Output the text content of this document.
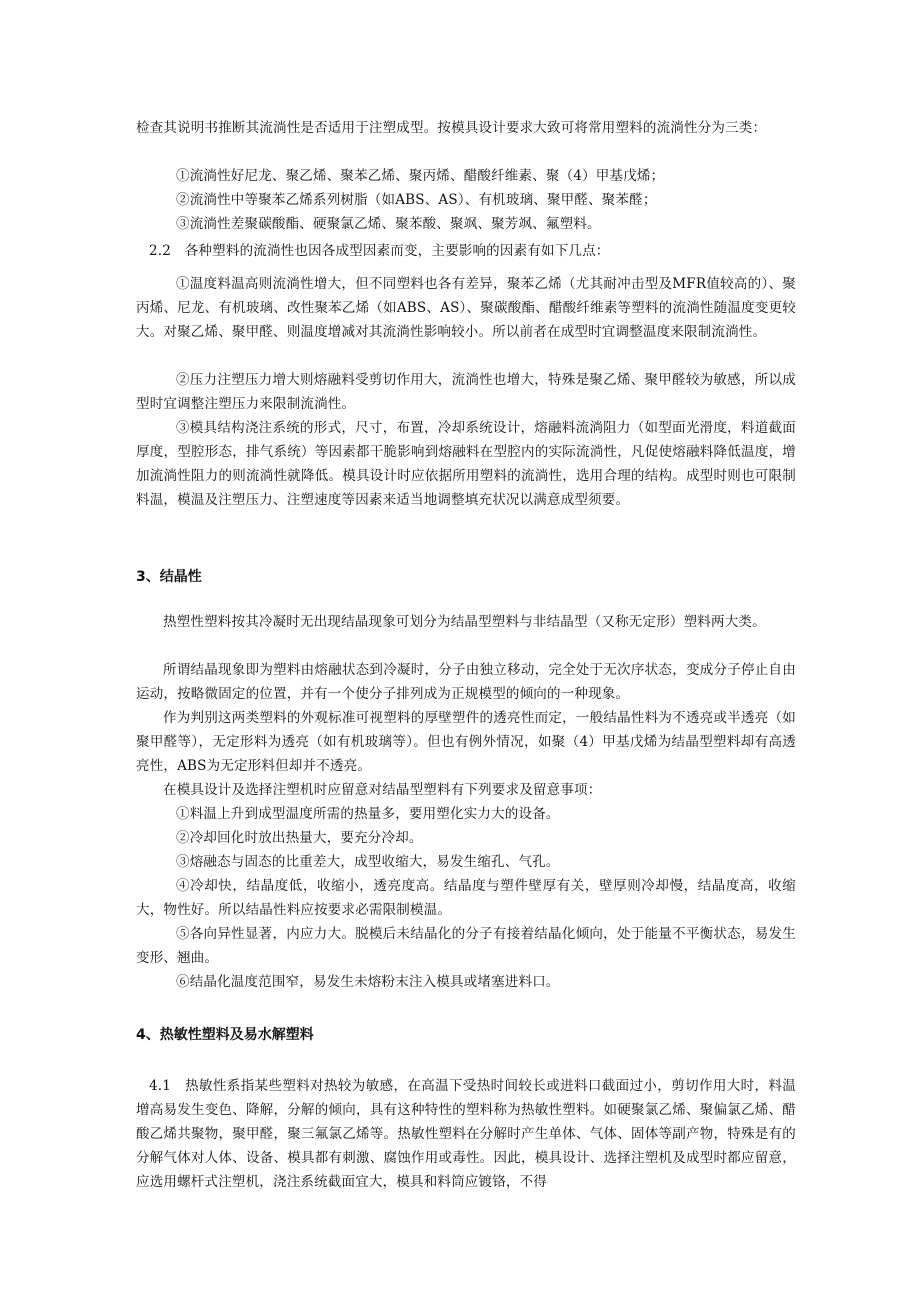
检查其说明书推断其流淌性是否适用于注塑成型。按模具设计要求大致可将常用塑料的流淌性分为三类：

①流淌性好尼龙、聚乙烯、聚苯乙烯、聚丙烯、醋酸纤维素、聚（4）甲基戊烯；

②流淌性中等聚苯乙烯系列树脂（如ABS、AS）、有机玻璃、聚甲醛、聚苯醛；

③流淌性差聚碳酸酯、硬聚氯乙烯、聚苯酸、聚飒、聚芳飒、氟塑料。

2.2　各种塑料的流淌性也因各成型因素而变，主要影响的因素有如下几点：

①温度料温高则流淌性增大，但不同塑料也各有差异，聚苯乙烯（尤其耐冲击型及MFR值较高的）、聚丙烯、尼龙、有机玻璃、改性聚苯乙烯（如ABS、AS）、聚碳酸酯、醋酸纤维素等塑料的流淌性随温度变更较大。对聚乙烯、聚甲醛、则温度增减对其流淌性影响较小。所以前者在成型时宜调整温度来限制流淌性。

②压力注塑压力增大则熔融料受剪切作用大，流淌性也增大，特殊是聚乙烯、聚甲醛较为敏感，所以成型时宜调整注塑压力来限制流淌性。

③模具结构浇注系统的形式，尺寸，布置，冷却系统设计，熔融料流淌阻力（如型面光滑度，料道截面厚度，型腔形态，排气系统）等因素都干脆影响到熔融料在型腔内的实际流淌性，凡促使熔融料降低温度，增加流淌性阻力的则流淌性就降低。模具设计时应依据所用塑料的流淌性，选用合理的结构。成型时则也可限制料温，模温及注塑压力、注塑速度等因素来适当地调整填充状况以满意成型须要。

3、结晶性

热塑性塑料按其冷凝时无出现结晶现象可划分为结晶型塑料与非结晶型（又称无定形）塑料两大类。

所谓结晶现象即为塑料由熔融状态到冷凝时，分子由独立移动，完全处于无次序状态，变成分子停止自由运动，按略微固定的位置，并有一个使分子排列成为正规模型的倾向的一种现象。

作为判别这两类塑料的外观标准可视塑料的厚壁塑件的透亮性而定，一般结晶性料为不透亮或半透亮（如聚甲醛等），无定形料为透亮（如有机玻璃等）。但也有例外情况，如聚（4）甲基戊烯为结晶型塑料却有高透亮性，ABS为无定形料但却并不透亮。

在模具设计及选择注塑机时应留意对结晶型塑料有下列要求及留意事项：

①料温上升到成型温度所需的热量多，要用塑化实力大的设备。

②冷却回化时放出热量大，要充分冷却。

③熔融态与固态的比重差大，成型收缩大，易发生缩孔、气孔。

④冷却快，结晶度低，收缩小，透亮度高。结晶度与塑件壁厚有关，壁厚则冷却慢，结晶度高，收缩大，物性好。所以结晶性料应按要求必需限制模温。

⑤各向异性显著，内应力大。脱模后未结晶化的分子有接着结晶化倾向，处于能量不平衡状态，易发生变形、翘曲。

⑥结晶化温度范围窄，易发生未熔粉末注入模具或堵塞进料口。

4、热敏性塑料及易水解塑料

4.1　热敏性系指某些塑料对热较为敏感，在高温下受热时间较长或进料口截面过小，剪切作用大时，料温增高易发生变色、降解，分解的倾向，具有这种特性的塑料称为热敏性塑料。如硬聚氯乙烯、聚偏氯乙烯、醋酸乙烯共聚物，聚甲醛，聚三氟氯乙烯等。热敏性塑料在分解时产生单体、气体、固体等副产物，特殊是有的分解气体对人体、设备、模具都有刺激、腐蚀作用或毒性。因此，模具设计、选择注塑机及成型时都应留意，应选用螺杆式注塑机，浇注系统截面宜大，模具和料筒应镀铬，不得
